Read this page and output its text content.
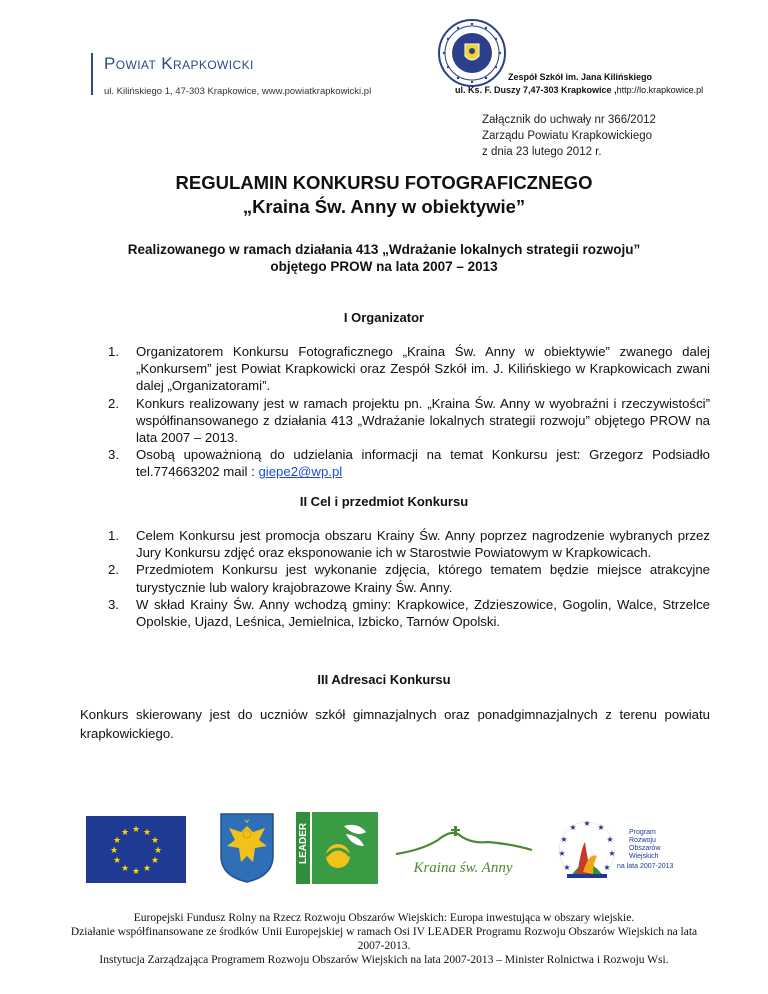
Powiat Krapkowicki
ul. Kilińskiego 1, 47-303 Krapkowice, www.powiatkrapkowicki.pl
Zespół Szkół im. Jana Kilińskiego
ul. Ks. F. Duszy 7,47-303 Krapkowice ,http://lo.krapkowice.pl
Załącznik do uchwały nr 366/2012
Zarządu Powiatu Krapkowickiego
z dnia 23 lutego 2012 r.
REGULAMIN KONKURSU FOTOGRAFICZNEGO
„Kraina Św. Anny w obiektywie”
Realizowanego w ramach działania 413 „Wdrażanie lokalnych strategii rozwoju”
objętego PROW na lata 2007 – 2013
I Organizator
1. Organizatorem Konkursu Fotograficznego „Kraina Św. Anny w obiektywie” zwanego dalej „Konkursem” jest Powiat Krapkowicki oraz Zespół Szkół im. J. Kilińskiego w Krapkowicach zwani dalej „Organizatorami”.
2. Konkurs realizowany jest w ramach projektu pn. „Kraina Św. Anny w wyobraźni i rzeczywistości” współfinansowanego z działania 413 „Wdrażanie lokalnych strategii rozwoju” objętego PROW na lata 2007 – 2013.
3. Osobą upoważnioną do udzielania informacji na temat Konkursu jest: Grzegorz Podsiadło tel.774663202 mail : giepe2@wp.pl
II Cel i przedmiot Konkursu
1. Celem Konkursu jest promocja obszaru Krainy Św. Anny poprzez nagrodzenie wybranych przez Jury Konkursu zdjęć oraz eksponowanie ich w Starostwie Powiatowym w Krapkowicach.
2. Przedmiotem Konkursu jest wykonanie zdjęcia, którego tematem będzie miejsce atrakcyjne turystycznie lub walory krajobrazowe Krainy Św. Anny.
3. W skład Krainy Św. Anny wchodzą gminy: Krapkowice, Zdzieszowice, Gogolin, Walce, Strzelce Opolskie, Ujazd, Leśnica, Jemielnica, Izbicko, Tarnów Opolski.
III Adresaci Konkursu
Konkurs skierowany jest do uczniów szkół gimnazjalnych oraz ponadgimnazjalnych z terenu powiatu krapkowickiego.
★ ★
★
★
★
★
★
★
★
★
★
★	LEADER
Kraina św. Anny
★ ★
★
★
★
★
★
★
★
Program
Rozwoju
Obszarów
Wiejskich
na lata 2007-2013
Europejski Fundusz Rolny na Rzecz Rozwoju Obszarów Wiejskich: Europa inwestująca w obszary wiejskie.
Działanie współfinansowane ze środków Unii Europejskiej w ramach Osi IV LEADER Programu Rozwoju Obszarów Wiejskich na lata 2007-2013.
Instytucja Zarządzająca Programem Rozwoju Obszarów Wiejskich na lata 2007-2013 – Minister Rolnictwa i Rozwoju Wsi.
